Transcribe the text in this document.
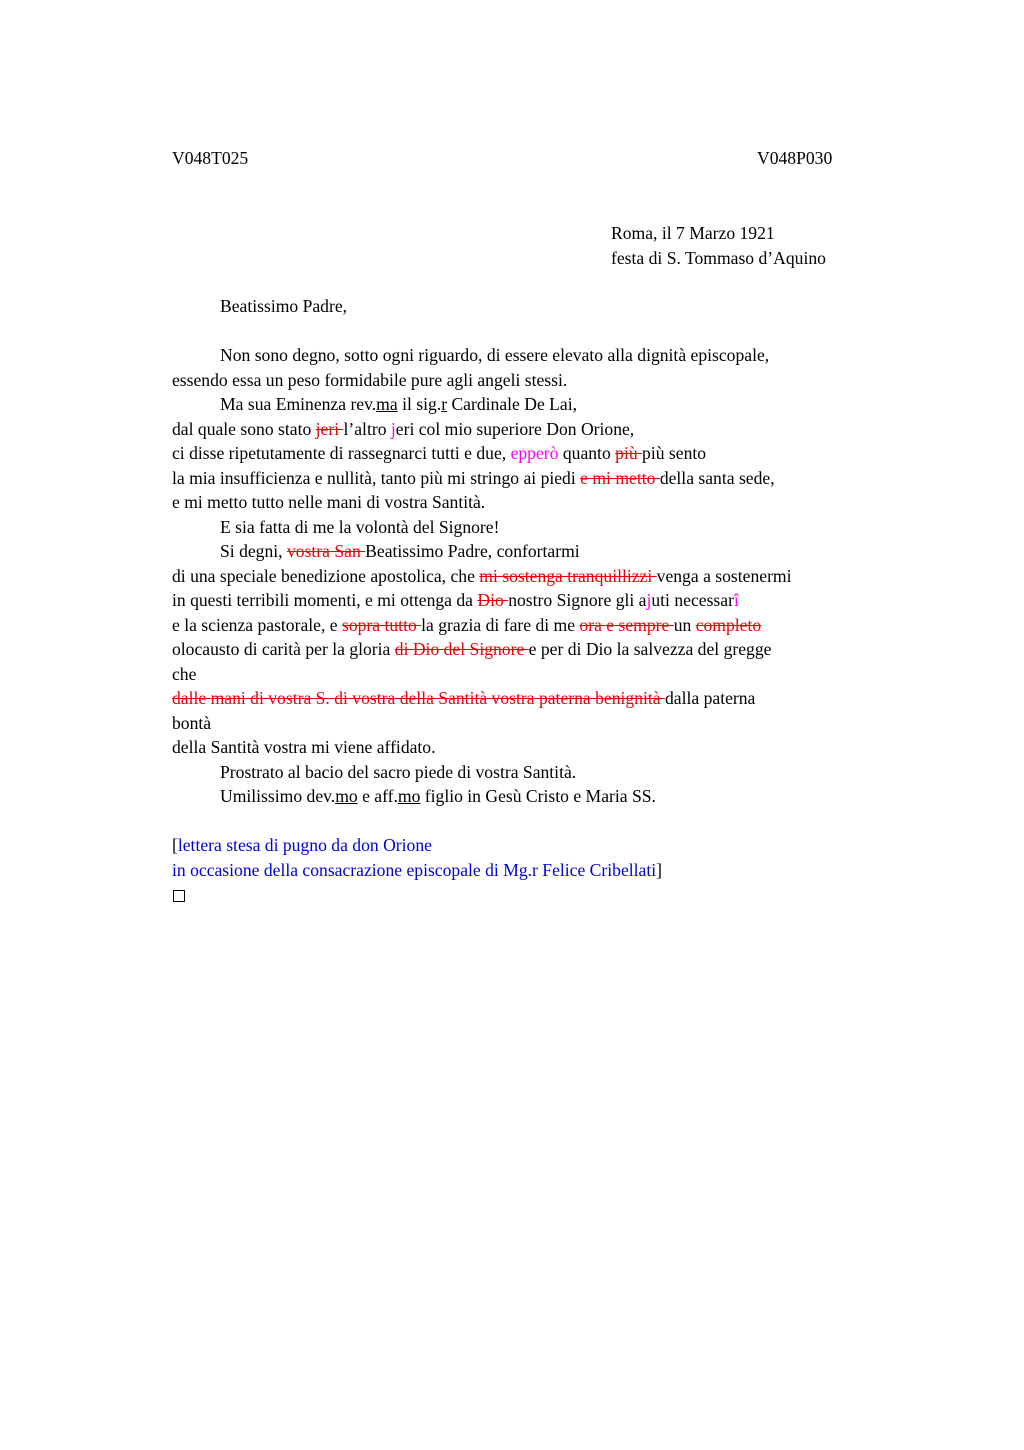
V048T025	V048P030
Roma, il 7 Marzo 1921
festa di S. Tommaso d’Aquino
Beatissimo Padre,
Non sono degno, sotto ogni riguardo, di essere elevato alla dignità episcopale,
essendo essa un peso formidabile pure agli angeli stessi.
Ma sua Eminenza rev.ma il sig.r Cardinale De Lai,
dal quale sono stato jeri l’altro jeri col mio superiore Don Orione,
ci disse ripetutamente di rassegnarci tutti e due, epperò quanto più più sento
la mia insufficienza e nullità, tanto più mi stringo ai piedi e mi metto della santa sede,
e mi metto tutto nelle mani di vostra Santità.
E sia fatta di me la volontà del Signore!
Si degni, vostra San Beatissimo Padre, confortarmi
di una speciale benedizione apostolica, che mi sostenga tranquillizzi venga a sostenermi
in questi terribili momenti, e mi ottenga da Dio nostro Signore gli ajuti necessarî
e la scienza pastorale, e sopra tutto la grazia di fare di me ora e sempre un completo
olocausto di carità per la gloria di Dio del Signore e per di Dio la salvezza del gregge
che
dalle mani di vostra S. di vostra della Santità vostra paterna benignità dalla paterna
bontà
della Santità vostra mi viene affidato.
Prostrato al bacio del sacro piede di vostra Santità.
Umilissimo dev.mo e aff.mo figlio in Gesù Cristo e Maria SS.
[lettera stesa di pugno da don Orione
in occasione della consacrazione episcopale di Mg.r Felice Cribellati]
